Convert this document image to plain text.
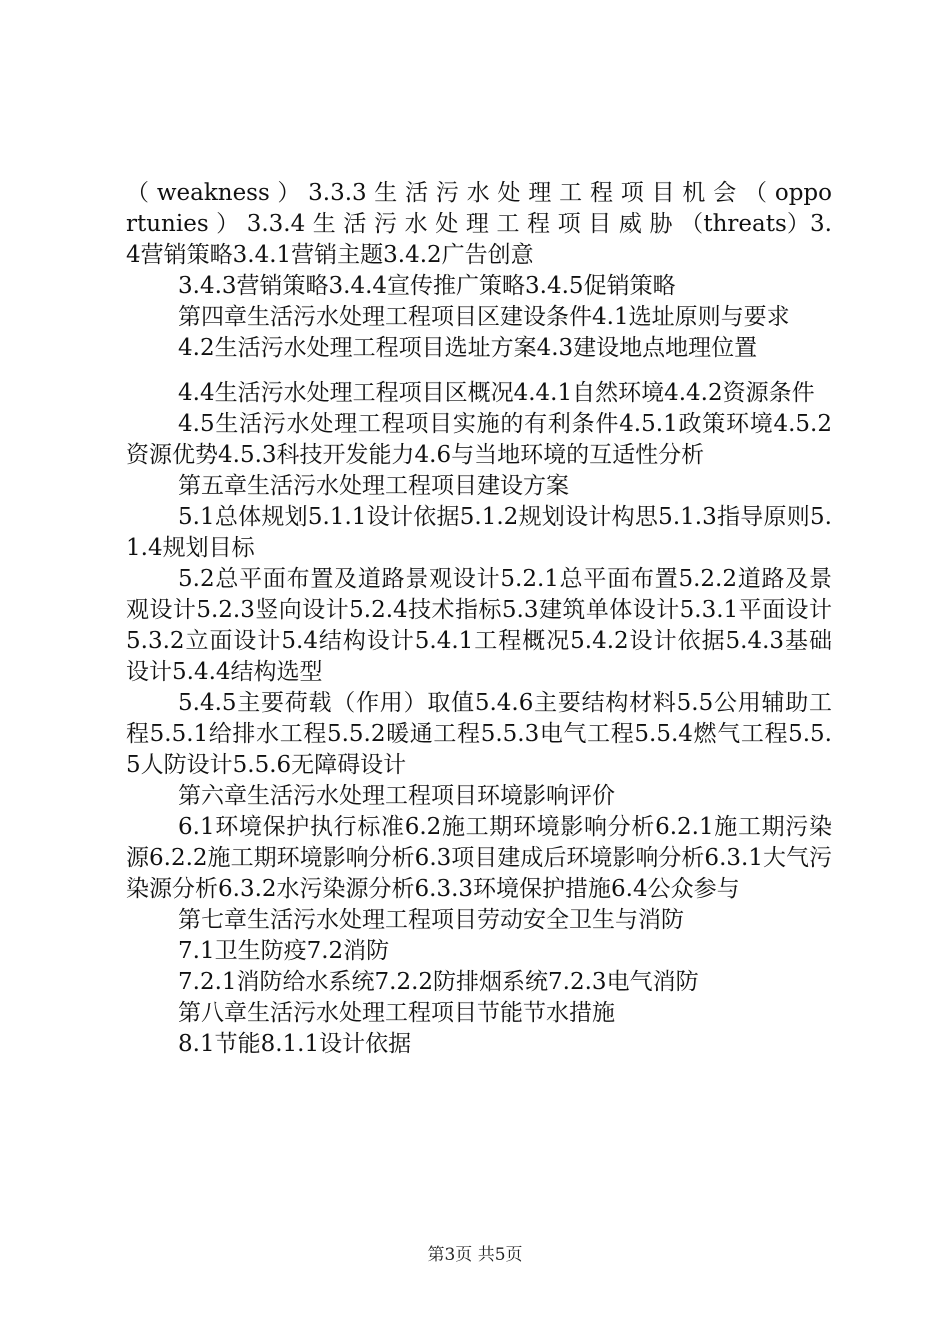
（ weakness ） 3.3.3 生 活 污 水 处 理 工 程 项 目 机 会 （ opportunies ） 3.3.4 生 活 污 水 处 理 工 程 项 目 威 胁 （threats）3.4营销策略3.4.1营销主题3.4.2广告创意

3.4.3营销策略3.4.4宣传推广策略3.4.5促销策略

第四章生活污水处理工程项目区建设条件4.1选址原则与要求

4.2生活污水处理工程项目选址方案4.3建设地点地理位置

4.4生活污水处理工程项目区概况4.4.1自然环境4.4.2资源条件

4.5生活污水处理工程项目实施的有利条件4.5.1政策环境4.5.2资源优势4.5.3科技开发能力4.6与当地环境的互适性分析

第五章生活污水处理工程项目建设方案

5.1总体规划5.1.1设计依据5.1.2规划设计构思5.1.3指导原则5.1.4规划目标

5.2总平面布置及道路景观设计5.2.1总平面布置5.2.2道路及景观设计5.2.3竖向设计5.2.4技术指标5.3建筑单体设计5.3.1平面设计5.3.2立面设计5.4结构设计5.4.1工程概况5.4.2设计依据5.4.3基础设计5.4.4结构选型

5.4.5主要荷载（作用）取值5.4.6主要结构材料5.5公用辅助工程5.5.1给排水工程5.5.2暖通工程5.5.3电气工程5.5.4燃气工程5.5.5人防设计5.5.6无障碍设计

第六章生活污水处理工程项目环境影响评价

6.1环境保护执行标准6.2施工期环境影响分析6.2.1施工期污染源6.2.2施工期环境影响分析6.3项目建成后环境影响分析6.3.1大气污染源分析6.3.2水污染源分析6.3.3环境保护措施6.4公众参与

第七章生活污水处理工程项目劳动安全卫生与消防

7.1卫生防疫7.2消防

7.2.1消防给水系统7.2.2防排烟系统7.2.3电气消防

第八章生活污水处理工程项目节能节水措施

8.1节能8.1.1设计依据

第3页 共5页
